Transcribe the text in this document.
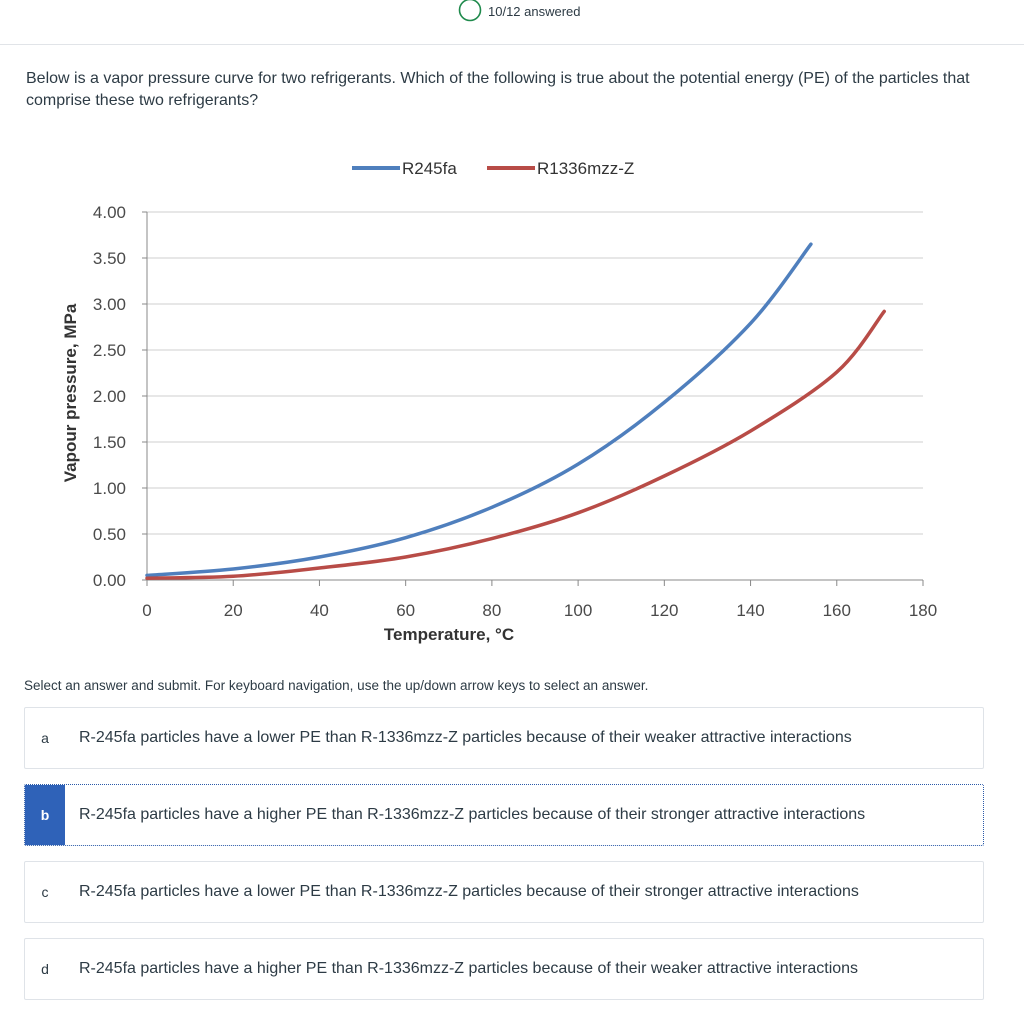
10/12 answered
Below is a vapor pressure curve for two refrigerants. Which of the following is true about the potential energy (PE) of the particles that comprise these two refrigerants?
0.00
0.50
1.00
1.50
2.00
2.50
3.00
3.50
4.00
0	20	40	60	80	100	120	140	160	180
R245fa	R1336mzz-Z
Temperature, °C
Vapour pressure, MPa
Select an answer and submit. For keyboard navigation, use the up/down arrow keys to select an answer.
a	R-245fa particles have a lower PE than R-1336mzz-Z particles because of their weaker attractive interactions
b	R-245fa particles have a higher PE than R-1336mzz-Z particles because of their stronger attractive interactions
c	R-245fa particles have a lower PE than R-1336mzz-Z particles because of their stronger attractive interactions
d	R-245fa particles have a higher PE than R-1336mzz-Z particles because of their weaker attractive interactions
